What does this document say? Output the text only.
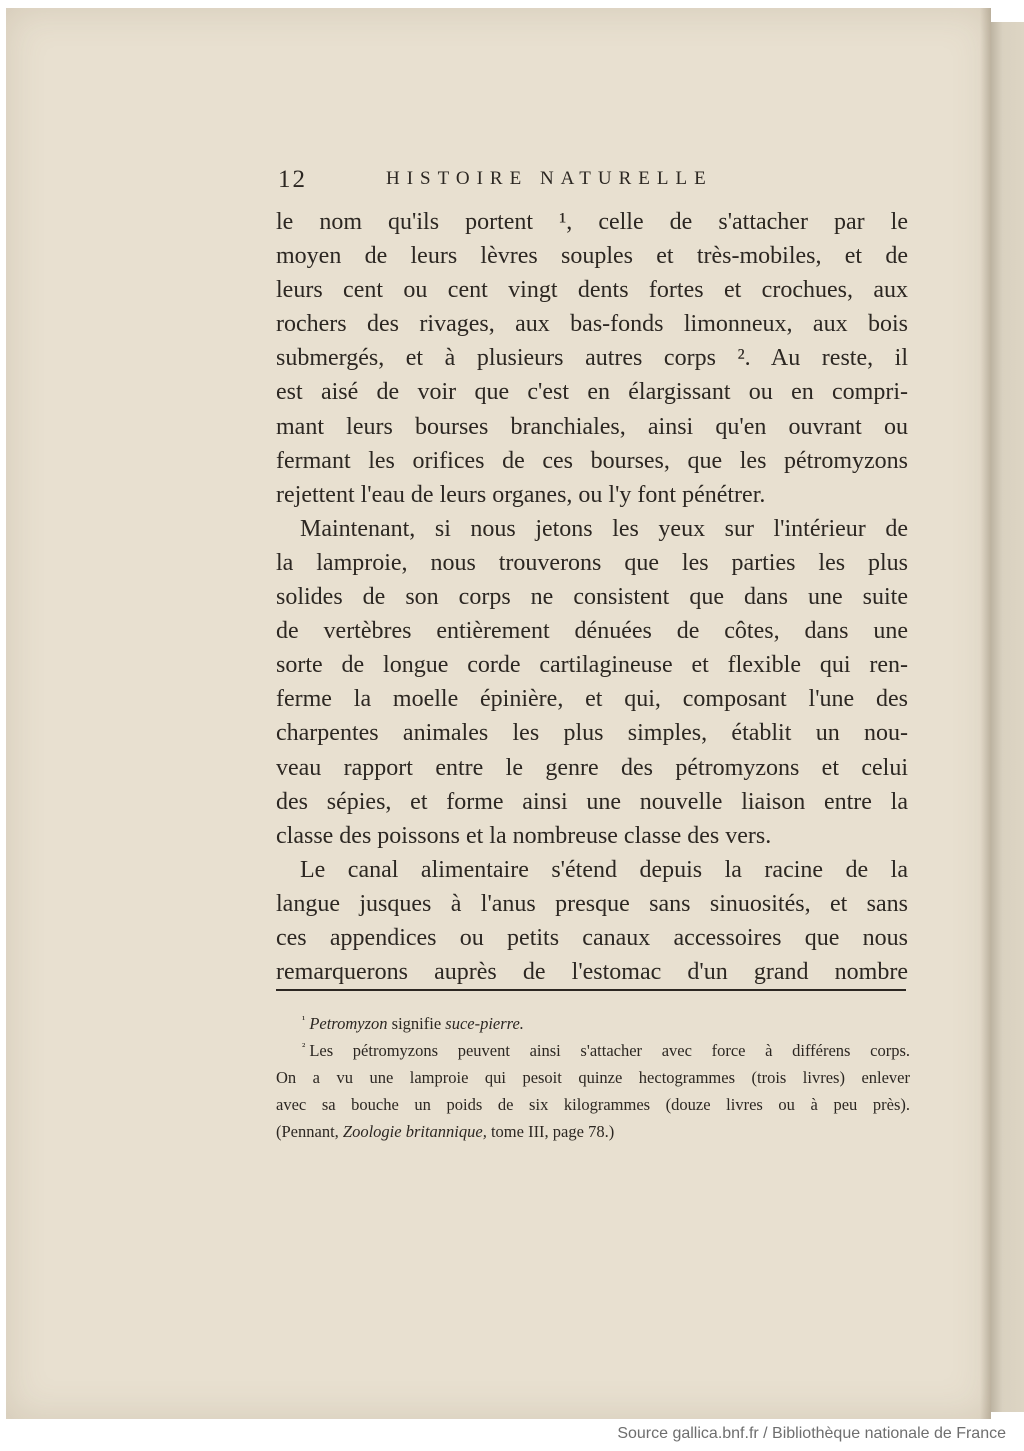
12	HISTOIRE NATURELLE
le nom qu'ils portent ¹, celle de s'attacher par le
moyen de leurs lèvres souples et très-mobiles, et de
leurs cent ou cent vingt dents fortes et crochues, aux
rochers des rivages, aux bas-fonds limonneux, aux bois
submergés, et à plusieurs autres corps ². Au reste, il
est aisé de voir que c'est en élargissant ou en compri-
mant leurs bourses branchiales, ainsi qu'en ouvrant ou
fermant les orifices de ces bourses, que les pétromyzons
rejettent l'eau de leurs organes, ou l'y font pénétrer.
Maintenant, si nous jetons les yeux sur l'intérieur de
la lamproie, nous trouverons que les parties les plus
solides de son corps ne consistent que dans une suite
de vertèbres entièrement dénuées de côtes, dans une
sorte de longue corde cartilagineuse et flexible qui ren-
ferme la moelle épinière, et qui, composant l'une des
charpentes animales les plus simples, établit un nou-
veau rapport entre le genre des pétromyzons et celui
des sépies, et forme ainsi une nouvelle liaison entre la
classe des poissons et la nombreuse classe des vers.
Le canal alimentaire s'étend depuis la racine de la
langue jusques à l'anus presque sans sinuosités, et sans
ces appendices ou petits canaux accessoires que nous
remarquerons auprès de l'estomac d'un grand nombre
$^{^1}$ Petromyzon signifie suce-pierre.
$^{^2}$ Les pétromyzons peuvent ainsi s'attacher avec force à différens corps.
On a vu une lamproie qui pesoit quinze hectogrammes (trois livres) enlever
avec sa bouche un poids de six kilogrammes (douze livres ou à peu près).
(Pennant, Zoologie britannique, tome III, page 78.)
Source gallica.bnf.fr / Bibliothèque nationale de France
